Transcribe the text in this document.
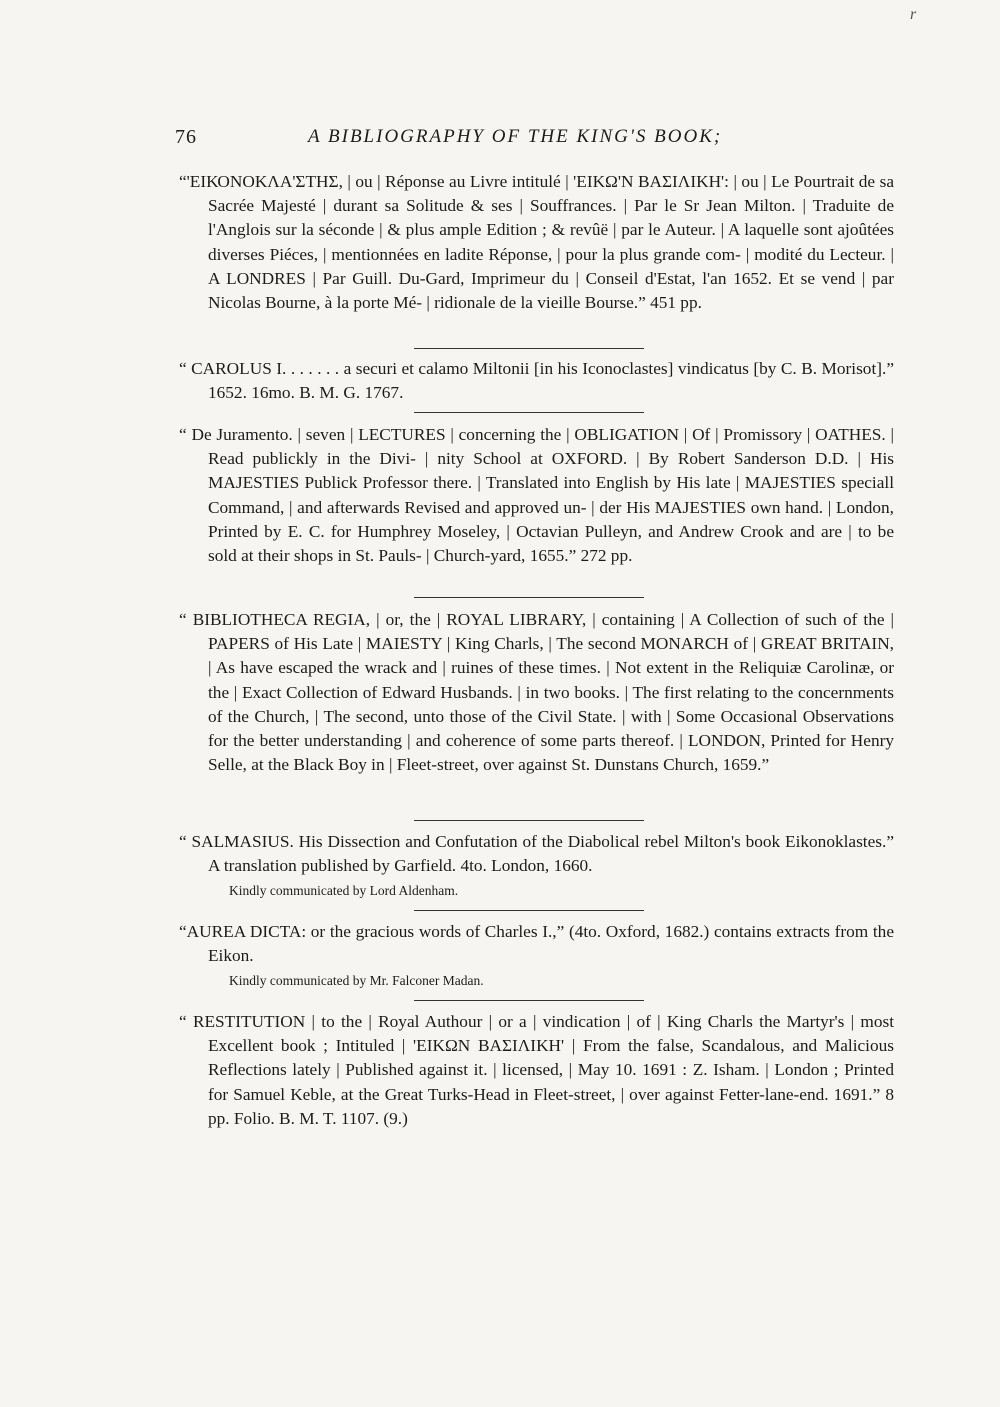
r
76	A BIBLIOGRAPHY OF THE KING'S BOOK;
“'ΕΙΚΟΝΟΚΛΑ'ΣΤΗΣ, | ou | Réponse au Livre intitulé | 'ΕΙΚΩ'Ν ΒΑΣΙΛΙΚΗ': | ou | Le Pourtrait de sa Sacrée Majesté | durant sa Solitude & ses | Souffrances. | Par le Sr Jean Milton. | Traduite de l'Anglois sur la séconde | & plus ample Edition ; & revûë | par le Auteur. | A laquelle sont ajoûtées diverses Piéces, | mentionnées en ladite Réponse, | pour la plus grande com- | modité du Lecteur. | A LONDRES | Par Guill. Du-Gard, Imprimeur du | Conseil d'Estat, l'an 1652. Et se vend | par Nicolas Bourne, à la porte Mé- | ridionale de la vieille Bourse.” 451 pp.
“ CAROLUS I. . . . . . . a securi et calamo Miltonii [in his Iconoclastes] vindicatus [by C. B. Morisot].” 1652. 16mo. B. M. G. 1767.
“ De Juramento. | seven | LECTURES | concerning the | OBLIGATION | Of | Promissory | OATHES. | Read publickly in the Divi- | nity School at OXFORD. | By Robert Sanderson D.D. | His MAJESTIES Publick Professor there. | Translated into English by His late | MAJESTIES speciall Command, | and afterwards Revised and approved un- | der His MAJESTIES own hand. | London, Printed by E. C. for Humphrey Moseley, | Octavian Pulleyn, and Andrew Crook and are | to be sold at their shops in St. Pauls- | Church-yard, 1655.” 272 pp.
“ BIBLIOTHECA REGIA, | or, the | ROYAL LIBRARY, | containing | A Collection of such of the | PAPERS of His Late | MAIESTY | King Charls, | The second MONARCH of | GREAT BRITAIN, | As have escaped the wrack and | ruines of these times. | Not extent in the Reliquiæ Carolinæ, or the | Exact Collection of Edward Husbands. | in two books. | The first relating to the concernments of the Church, | The second, unto those of the Civil State. | with | Some Occasional Observations for the better understanding | and coherence of some parts thereof. | LONDON, Printed for Henry Selle, at the Black Boy in | Fleet-street, over against St. Dunstans Church, 1659.”
“ SALMASIUS. His Dissection and Confutation of the Diabolical rebel Milton's book Eikonoklastes.” A translation published by Garfield. 4to. London, 1660.
Kindly communicated by Lord Aldenham.
“AUREA DICTA: or the gracious words of Charles I.,” (4to. Oxford, 1682.) contains extracts from the Eikon.
Kindly communicated by Mr. Falconer Madan.
“ RESTITUTION | to the | Royal Authour | or a | vindication | of | King Charls the Martyr's | most Excellent book ; Intituled | 'ΕΙΚΩΝ ΒΑΣΙΛΙΚΗ' | From the false, Scandalous, and Malicious Reflections lately | Published against it. | licensed, | May 10. 1691 : Z. Isham. | London ; Printed for Samuel Keble, at the Great Turks-Head in Fleet-street, | over against Fetter-lane-end. 1691.” 8 pp. Folio. B. M. T. 1107. (9.)
